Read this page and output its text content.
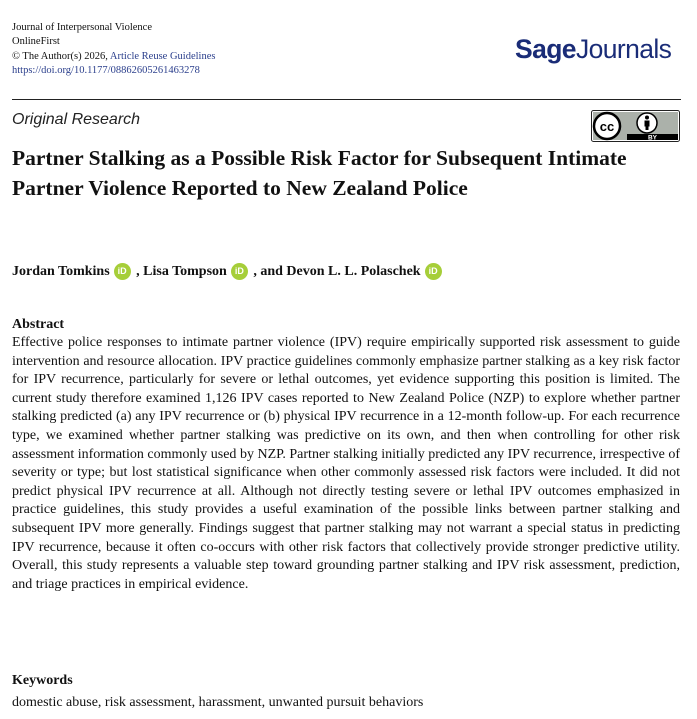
Journal of Interpersonal Violence
OnlineFirst
© The Author(s) 2026, Article Reuse Guidelines
https://doi.org/10.1177/08862605261463278
SageJournals
Original Research	cc
BY
Partner Stalking as a Possible Risk Factor for Subsequent Intimate Partner Violence Reported to New Zealand Police
Jordan Tomkins iD , Lisa Tompson iD , and Devon L. L. Polaschek iD
Abstract

Effective police responses to intimate partner violence (IPV) require empirically supported risk assessment to guide intervention and resource allocation. IPV practice guidelines commonly emphasize partner stalking as a key risk factor for IPV recurrence, particularly for severe or lethal outcomes, yet evidence supporting this position is limited. The current study therefore examined 1,126 IPV cases reported to New Zealand Police (NZP) to explore whether partner stalking predicted (a) any IPV recurrence or (b) physical IPV recurrence in a 12-month follow-up. For each recurrence type, we examined whether partner stalking was predictive on its own, and then when controlling for other risk assessment information commonly used by NZP. Partner stalking initially predicted any IPV recurrence, irrespective of severity or type; but lost statistical significance when other commonly assessed risk factors were included. It did not predict physical IPV recurrence at all. Although not directly testing severe or lethal IPV outcomes emphasized in practice guidelines, this study provides a useful examination of the possible links between partner stalking and subsequent IPV more generally. Findings suggest that partner stalking may not warrant a special status in predicting IPV recurrence, because it often co-occurs with other risk factors that collectively provide stronger predictive utility. Overall, this study represents a valuable step toward grounding partner stalking and IPV risk assessment, prediction, and triage practices in empirical evidence.

Keywords

domestic abuse, risk assessment, harassment, unwanted pursuit behaviors
